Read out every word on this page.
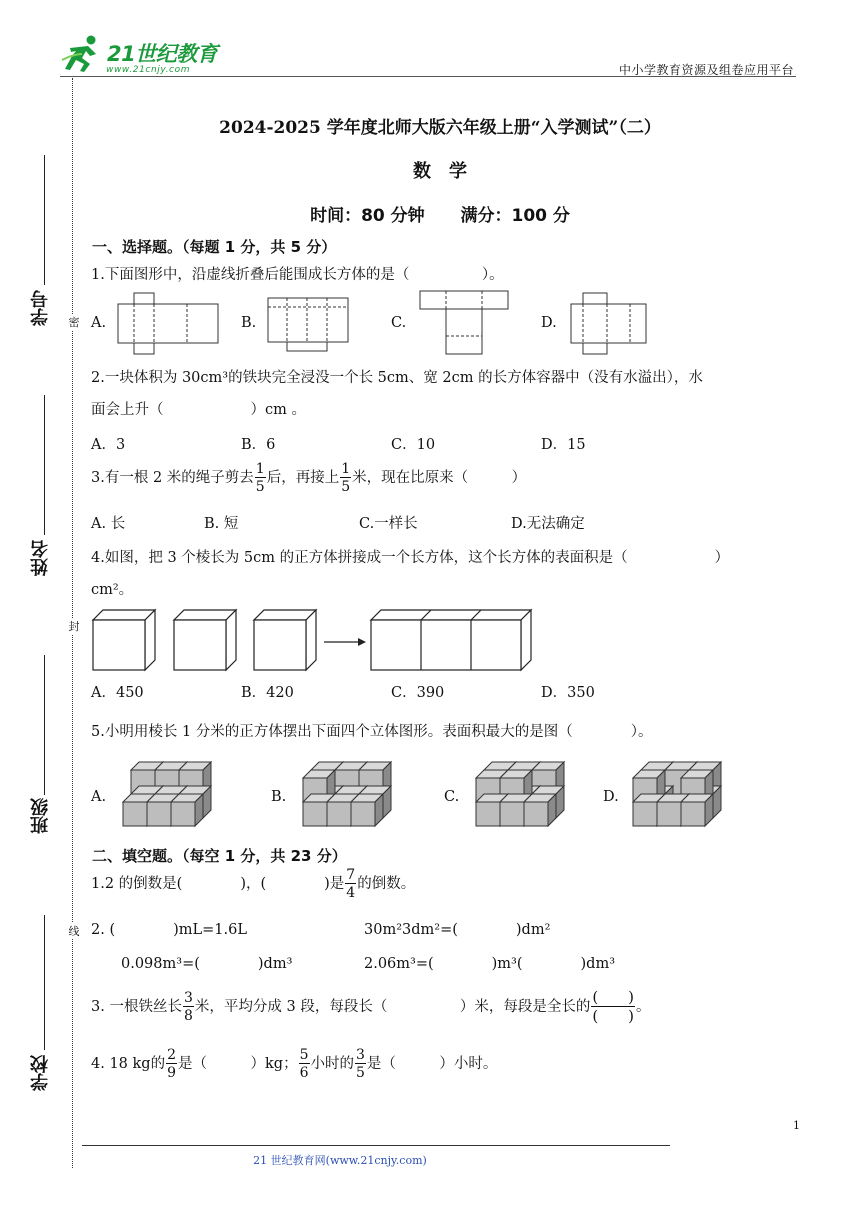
21世纪教育
www.21cnjy.com	中小学教育资源及组卷应用平台
学号
姓名
班级
学校
密
封
线
2024-2025 学年度北师大版六年级上册“入学测试”（二）
数　学
时间：80 分钟 满分：100 分
一、选择题。（每题 1 分，共 5 分）
1.下面图形中，沿虚线折叠后能围成长方体的是（　　　　　）。
A.	B.	C.	D.
2.一块体积为 30cm³的铁块完全浸没一个长 5cm、宽 2cm 的长方体容器中（没有水溢出），水
面会上升（　　　　　　）cm 。
A．3	B．6	C．10	D．15
3.有一根 2 米的绳子剪去 $\frac{1}{5}$ 后，再接上 $\frac{1}{5}$ 米，现在比原来（　　　）
A. 长	B. 短	C.一样长	D.无法确定
4.如图，把 3 个棱长为 5cm 的正方体拼接成一个长方体，这个长方体的表面积是（　　　　　　）
cm²。
A．450	B．420	C．390	D．350
5.小明用棱长 1 分米的正方体摆出下面四个立体图形。表面积最大的是图（　　　　）。
A.	B.	C.	D.
二、填空题。（每空 1 分，共 23 分）
1.2 的倒数是(　　　　)，(　　　　)是 $\frac{7}{4}$ 的倒数。
2. (　　　　)mL=1.6L	30m²3dm²=(　　　　)dm²
0.098m³=(　　　　)dm³	2.06m³=(　　　　)m³(　　　　)dm³
3. 一根铁丝长 $\frac{3}{8}$ 米，平均分成 3 段，每段长（　　　　　）米，每段是全长的 $\frac{( )}{( )}$ 。
4. 18 kg的 $\frac{2}{9}$ 是（　　　）kg； $\frac{5}{6}$ 小时的 $\frac{3}{5}$ 是（　　　）小时。
1
21 世纪教育网(www.21cnjy.com)
